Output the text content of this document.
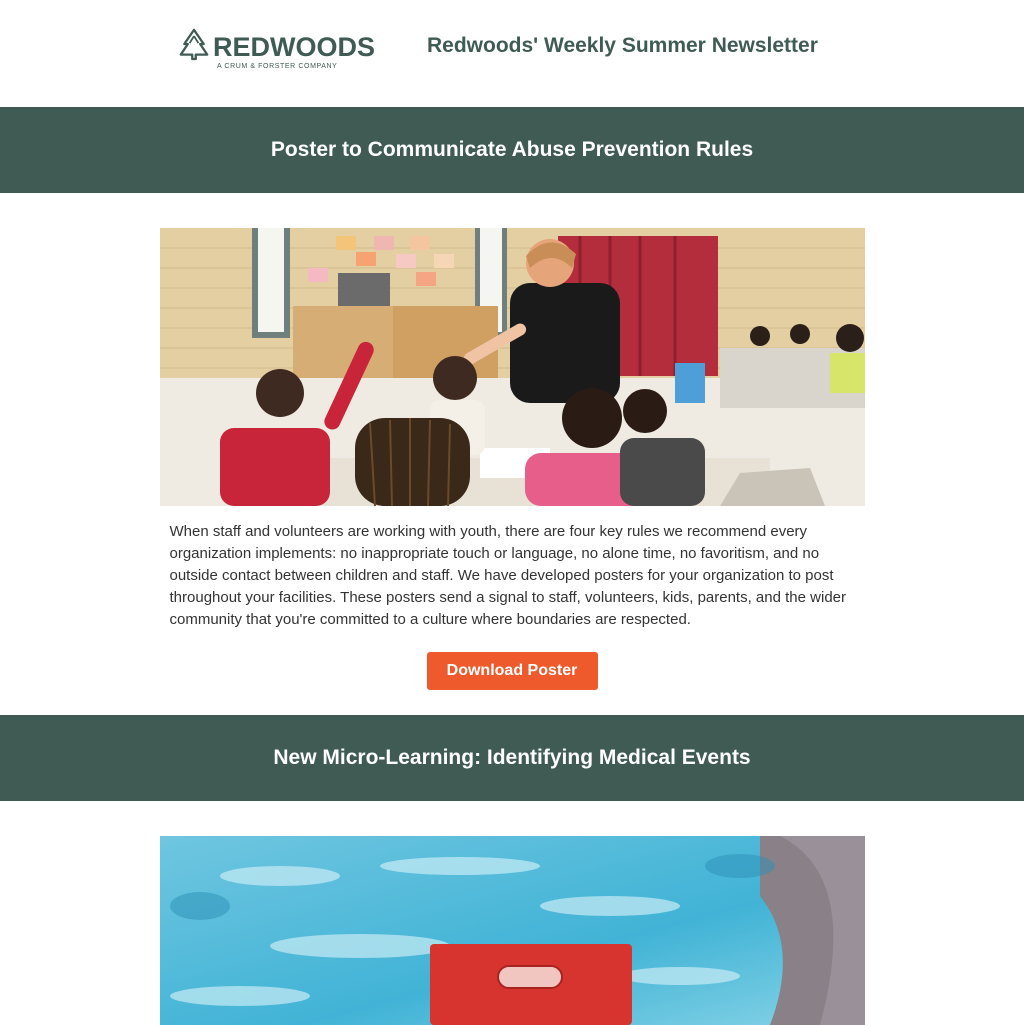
REDWOODS
A CRUM & FORSTER COMPANY
Redwoods' Weekly Summer Newsletter
Poster to Communicate Abuse Prevention Rules
When staff and volunteers are working with youth, there are four key rules we recommend every organization implements: no inappropriate touch or language, no alone time, no favoritism, and no outside contact between children and staff. We have developed posters for your organization to post throughout your facilities. These posters send a signal to staff, volunteers, kids, parents, and the wider community that you're committed to a culture where boundaries are respected.
Download Poster
New Micro-Learning: Identifying Medical Events
